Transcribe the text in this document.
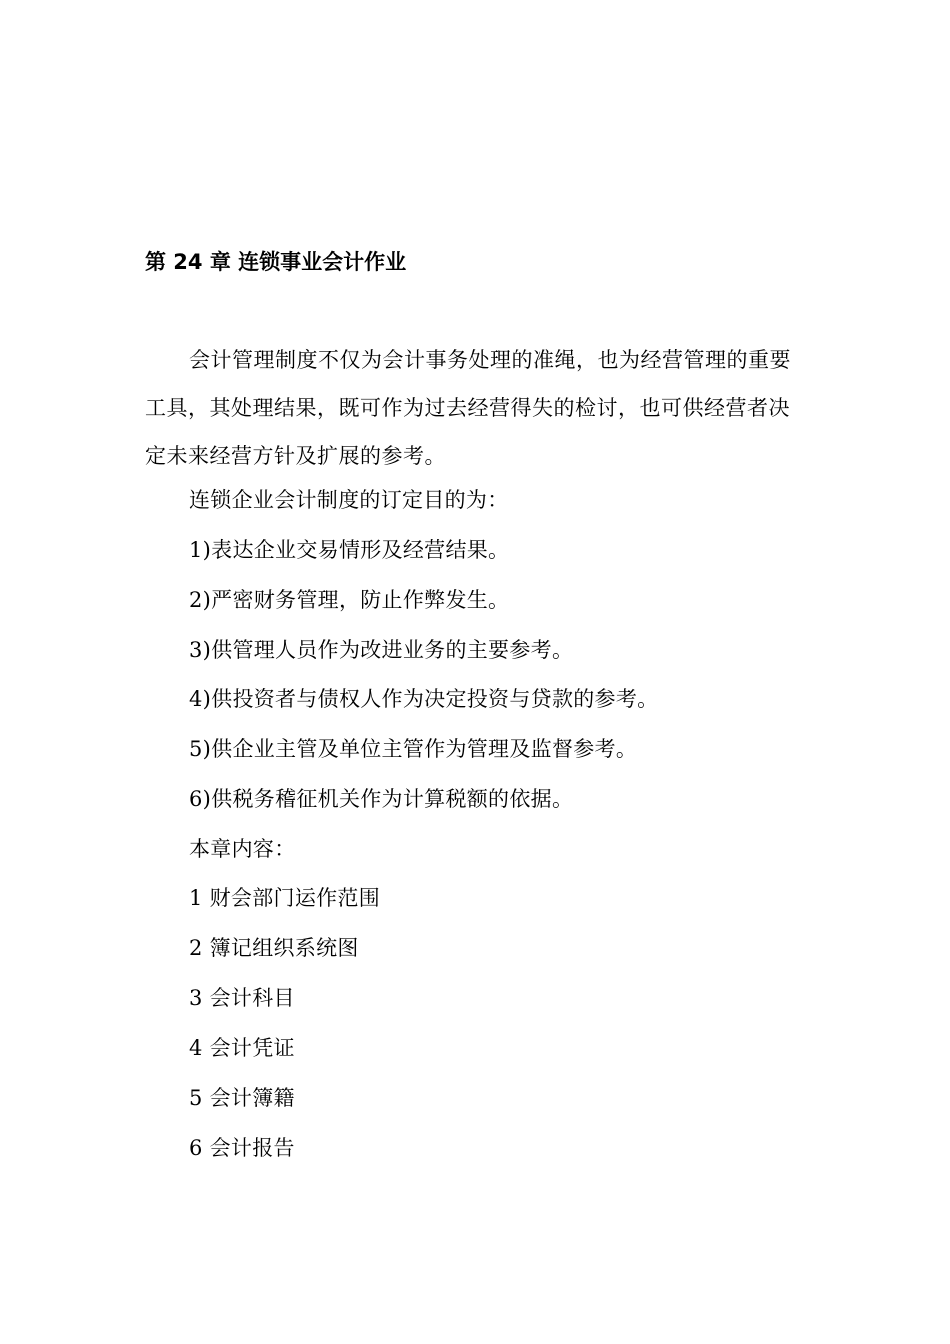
第 24 章 连锁事业会计作业

会计管理制度不仅为会计事务处理的准绳，也为经营管理的重要工具，其处理结果，既可作为过去经营得失的检讨，也可供经营者决定未来经营方针及扩展的参考。

连锁企业会计制度的订定目的为：

1)表达企业交易情形及经营结果。

2)严密财务管理，防止作弊发生。

3)供管理人员作为改进业务的主要参考。

4)供投资者与债权人作为决定投资与贷款的参考。

5)供企业主管及单位主管作为管理及监督参考。

6)供税务稽征机关作为计算税额的依据。

本章内容：

1 财会部门运作范围

2 簿记组织系统图

3 会计科目

4 会计凭证

5 会计簿籍

6 会计报告
